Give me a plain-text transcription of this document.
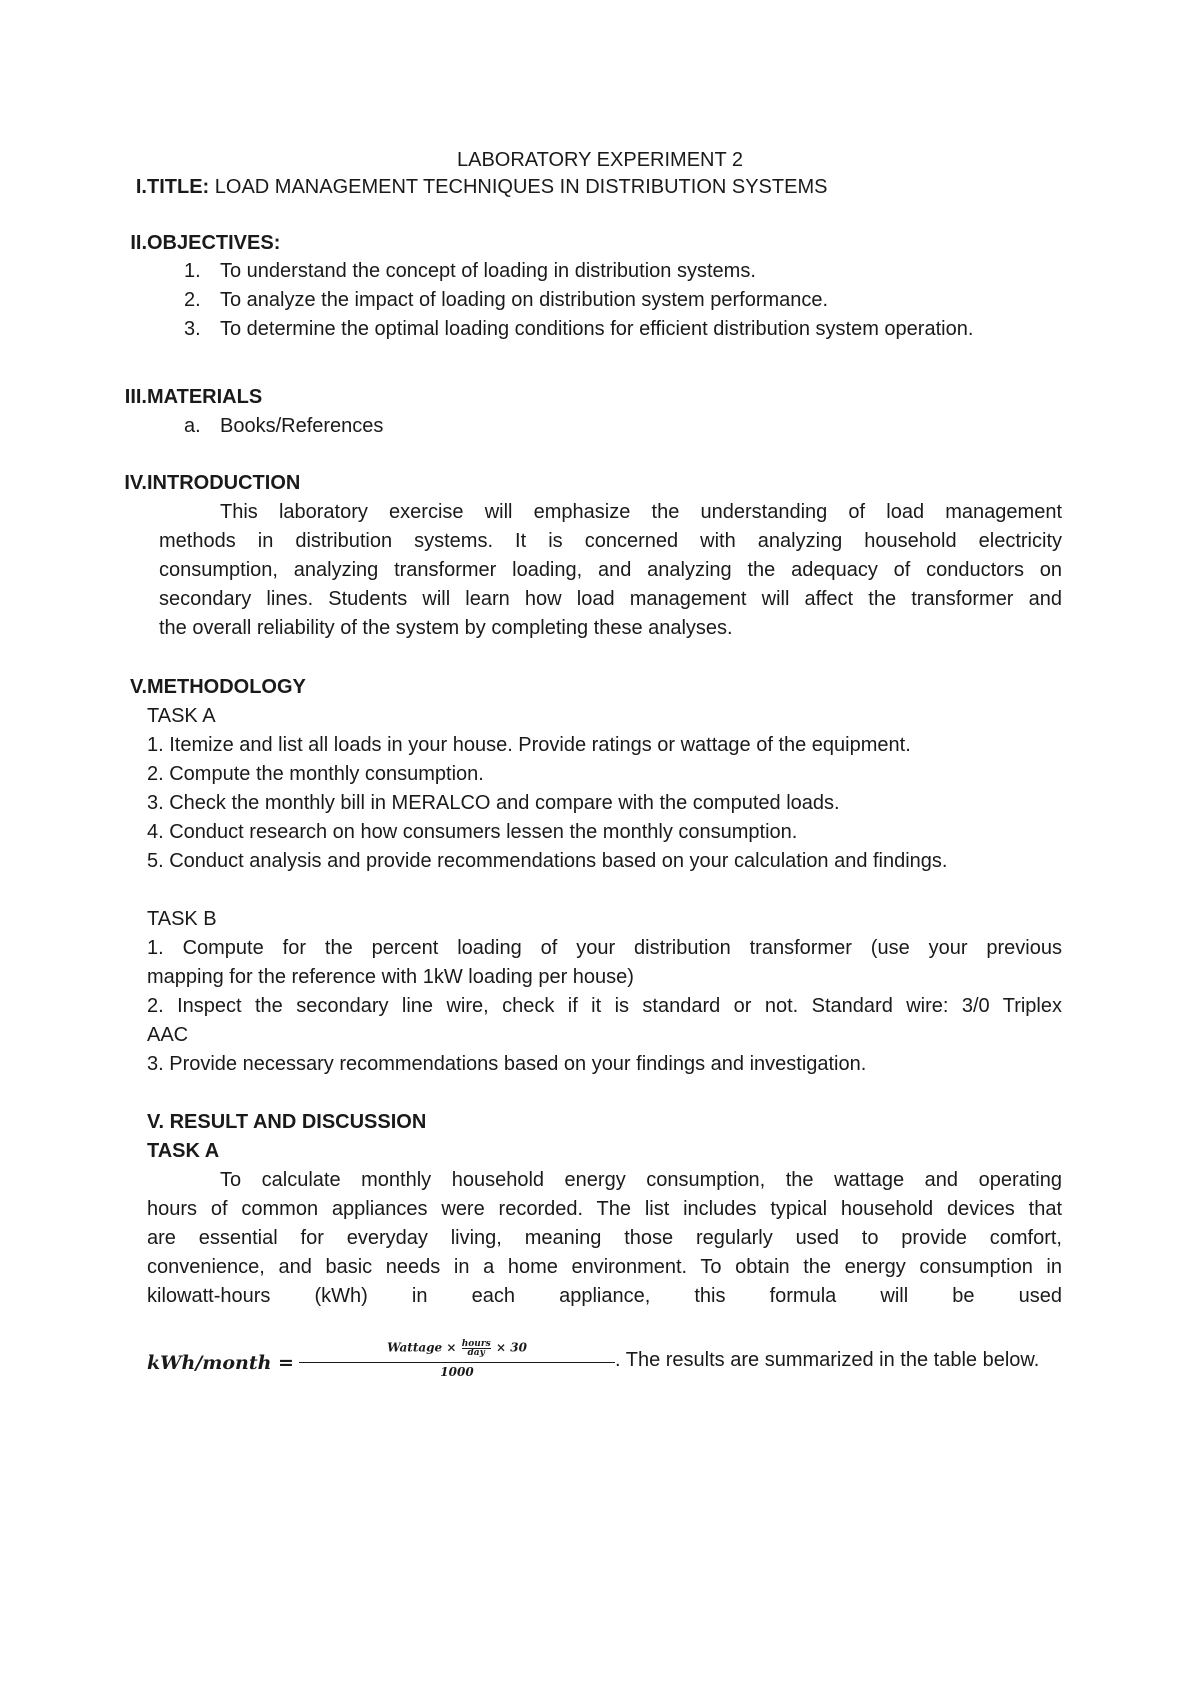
LABORATORY EXPERIMENT 2
I. TITLE: LOAD MANAGEMENT TECHNIQUES IN DISTRIBUTION SYSTEMS
II. OBJECTIVES:
1. To understand the concept of loading in distribution systems.
2. To analyze the impact of loading on distribution system performance.
3. To determine the optimal loading conditions for efficient distribution system operation.
III. MATERIALS
a. Books/References
IV. INTRODUCTION
This laboratory exercise will emphasize the understanding of load management
methods in distribution systems. It is concerned with analyzing household electricity
consumption, analyzing transformer loading, and analyzing the adequacy of conductors on
secondary lines. Students will learn how load management will affect the transformer and
the overall reliability of the system by completing these analyses.
V. METHODOLOGY
TASK A
1. Itemize and list all loads in your house. Provide ratings or wattage of the equipment.
2. Compute the monthly consumption.
3. Check the monthly bill in MERALCO and compare with the computed loads.
4. Conduct research on how consumers lessen the monthly consumption.
5. Conduct analysis and provide recommendations based on your calculation and findings.
TASK B
1. Compute for the percent loading of your distribution transformer (use your previous
mapping for the reference with 1kW loading per house)
2. Inspect the secondary line wire, check if it is standard or not. Standard wire: 3/0 Triplex
AAC
3. Provide necessary recommendations based on your findings and investigation.
V. RESULT AND DISCUSSION
TASK A
To calculate monthly household energy consumption, the wattage and operating
hours of common appliances were recorded. The list includes typical household devices that
are essential for everyday living, meaning those regularly used to provide comfort,
convenience, and basic needs in a home environment. To obtain the energy consumption in
kilowatt-hours (kWh) in each appliance, this formula will be used
kWh/month =
Wattage × hours
day × 30
1000
. The results are summarized in the table below.
